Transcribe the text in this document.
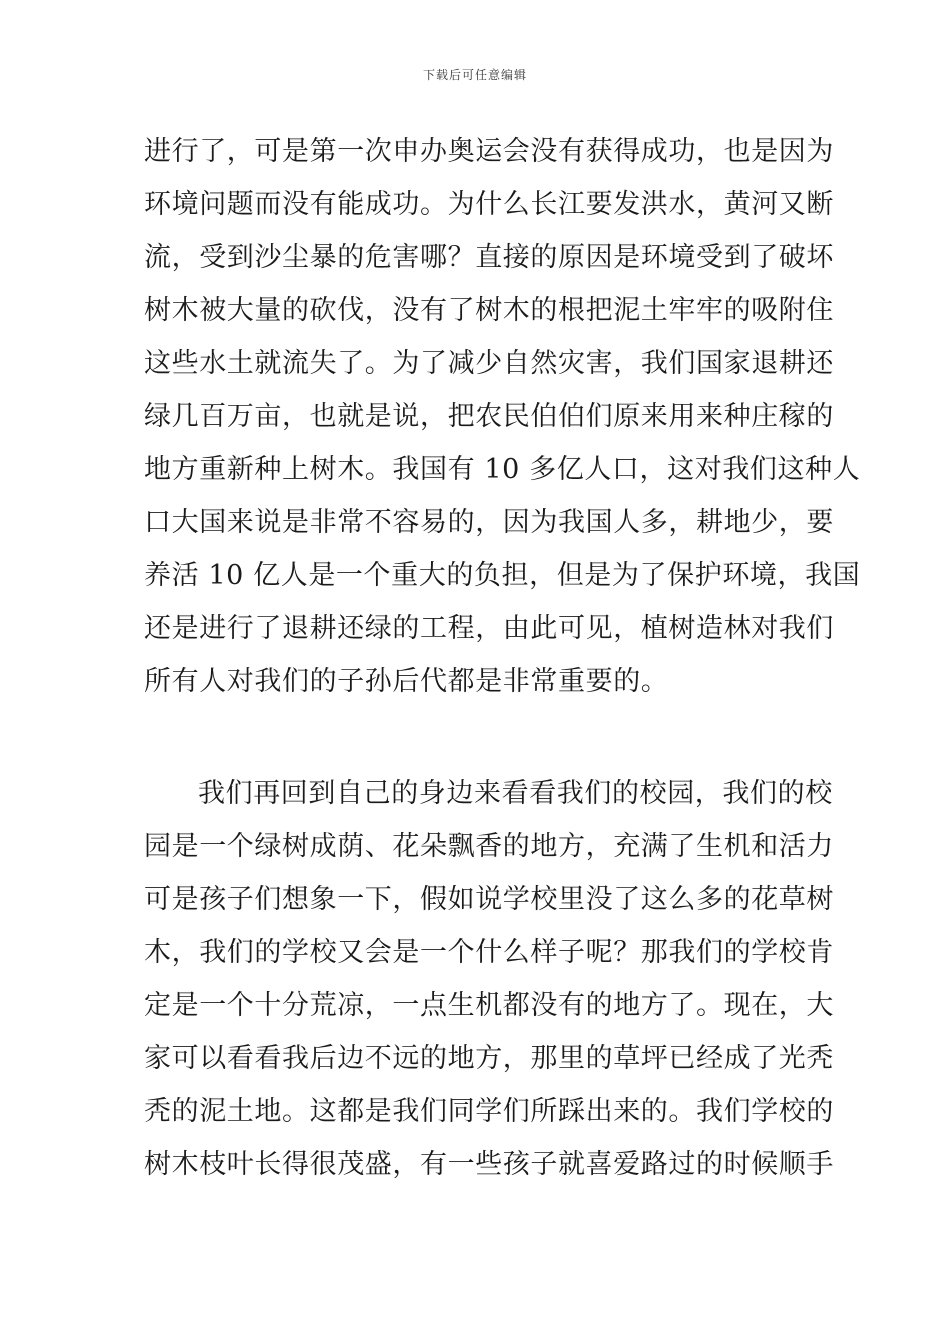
下载后可任意编辑
进行了，可是第一次申办奥运会没有获得成功，也是因为
环境问题而没有能成功。为什么长江要发洪水，黄河又断
流，受到沙尘暴的危害哪？直接的原因是环境受到了破坏
树木被大量的砍伐，没有了树木的根把泥土牢牢的吸附住
这些水土就流失了。为了减少自然灾害，我们国家退耕还
绿几百万亩，也就是说，把农民伯伯们原来用来种庄稼的
地方重新种上树木。我国有 10 多亿人口，这对我们这种人
口大国来说是非常不容易的，因为我国人多，耕地少，要
养活 10 亿人是一个重大的负担，但是为了保护环境，我国
还是进行了退耕还绿的工程，由此可见，植树造林对我们
所有人对我们的子孙后代都是非常重要的。
我们再回到自己的身边来看看我们的校园，我们的校
园是一个绿树成荫、花朵飘香的地方，充满了生机和活力
可是孩子们想象一下，假如说学校里没了这么多的花草树
木，我们的学校又会是一个什么样子呢？那我们的学校肯
定是一个十分荒凉，一点生机都没有的地方了。现在，大
家可以看看我后边不远的地方，那里的草坪已经成了光秃
秃的泥土地。这都是我们同学们所踩出来的。我们学校的
树木枝叶长得很茂盛，有一些孩子就喜爱路过的时候顺手
